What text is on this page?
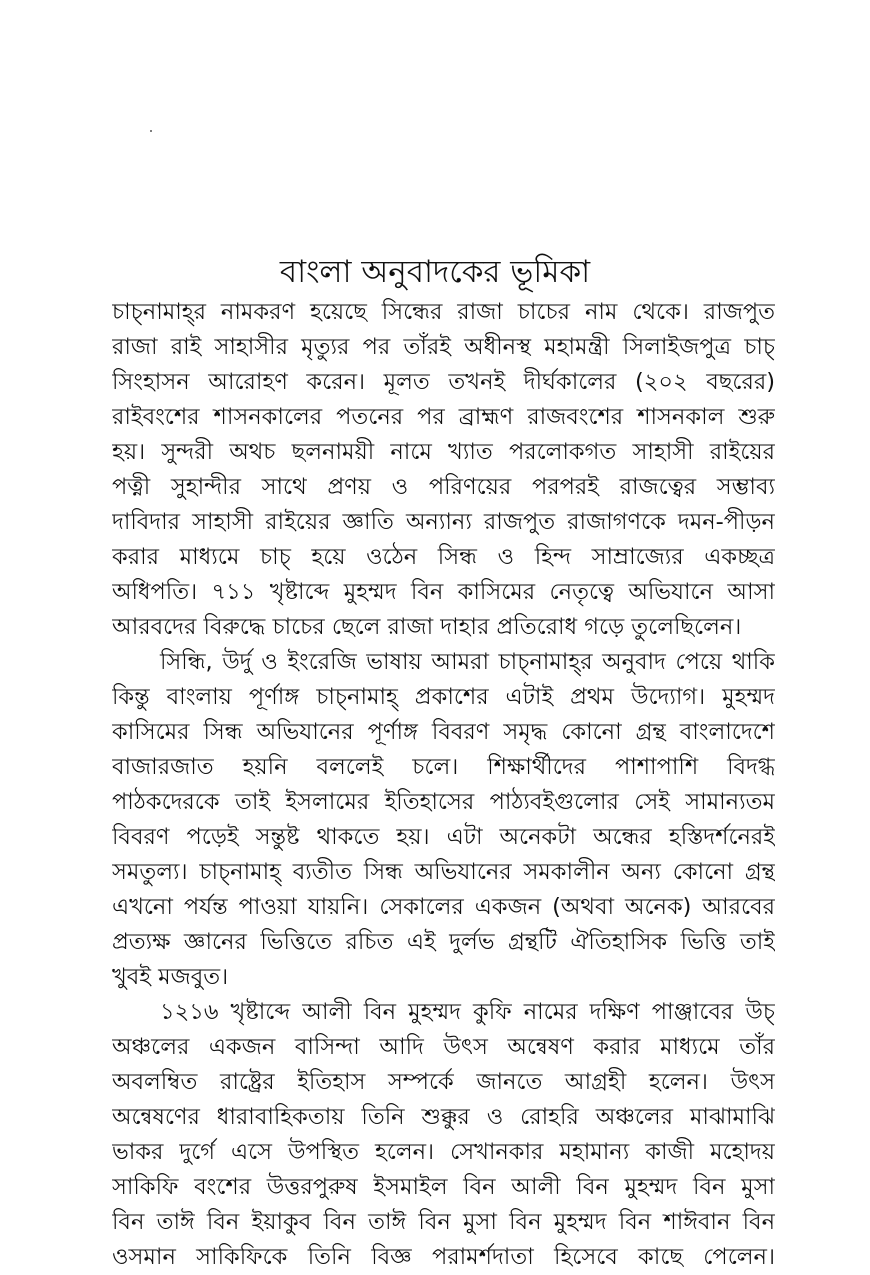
বাংলা অনুবাদকের ভূমিকা
চাচ্‌নামাহ্‌র নামকরণ হয়েছে সিন্ধের রাজা চাচের নাম থেকে। রাজপুত
রাজা রাই সাহাসীর মৃত্যুর পর তাঁরই অধীনস্থ মহামন্ত্রী সিলাইজপুত্র চাচ্‌
সিংহাসন আরোহণ করেন। মূলত তখনই দীর্ঘকালের (২০২ বছরের)
রাইবংশের শাসনকালের পতনের পর ব্রাহ্মণ রাজবংশের শাসনকাল শুরু
হয়। সুন্দরী অথচ ছলনাময়ী নামে খ্যাত পরলোকগত সাহাসী রাইয়ের
পত্নী সুহান্দীর সাথে প্রণয় ও পরিণয়ের পরপরই রাজত্বের সম্ভাব্য
দাবিদার সাহাসী রাইয়ের জ্ঞাতি অন্যান্য রাজপুত রাজাগণকে দমন-পীড়ন
করার মাধ্যমে চাচ্‌ হয়ে ওঠেন সিন্ধ ও হিন্দ সাম্রাজ্যের একচ্ছত্র
অধিপতি। ৭১১ খৃষ্টাব্দে মুহম্মদ বিন কাসিমের নেতৃত্বে অভিযানে আসা
আরবদের বিরুদ্ধে চাচের ছেলে রাজা দাহার প্রতিরোধ গড়ে তুলেছিলেন।
সিন্ধি, উর্দু ও ইংরেজি ভাষায় আমরা চাচ্‌নামাহ্‌র অনুবাদ পেয়ে থাকি
কিন্তু বাংলায় পূর্ণাঙ্গ চাচ্‌নামাহ্‌ প্রকাশের এটাই প্রথম উদ্যোগ। মুহম্মদ
কাসিমের সিন্ধ অভিযানের পূর্ণাঙ্গ বিবরণ সমৃদ্ধ কোনো গ্রন্থ বাংলাদেশে
বাজারজাত হয়নি বললেই চলে। শিক্ষার্থীদের পাশাপাশি বিদগ্ধ
পাঠকদেরকে তাই ইসলামের ইতিহাসের পাঠ্যবইগুলোর সেই সামান্যতম
বিবরণ পড়েই সন্তুষ্ট থাকতে হয়। এটা অনেকটা অন্ধের হস্তিদর্শনেরই
সমতুল্য। চাচ্‌নামাহ্‌ ব্যতীত সিন্ধ অভিযানের সমকালীন অন্য কোনো গ্রন্থ
এখনো পর্যন্ত পাওয়া যায়নি। সেকালের একজন (অথবা অনেক) আরবের
প্রত্যক্ষ জ্ঞানের ভিত্তিতে রচিত এই দুর্লভ গ্রন্থটি ঐতিহাসিক ভিত্তি তাই
খুবই মজবুত।
১২১৬ খৃষ্টাব্দে আলী বিন মুহম্মদ কুফি নামের দক্ষিণ পাঞ্জাবের উচ্‌
অঞ্চলের একজন বাসিন্দা আদি উৎস অন্বেষণ করার মাধ্যমে তাঁর
অবলম্বিত রাষ্ট্রের ইতিহাস সম্পর্কে জানতে আগ্রহী হলেন। উৎস
অন্বেষণের ধারাবাহিকতায় তিনি শুক্কুর ও রোহরি অঞ্চলের মাঝামাঝি
ভাকর দুর্গে এসে উপস্থিত হলেন। সেখানকার মহামান্য কাজী মহোদয়
সাকিফি বংশের উত্তরপুরুষ ইসমাইল বিন আলী বিন মুহম্মদ বিন মুসা
বিন তাঈ বিন ইয়াকুব বিন তাঈ বিন মুসা বিন মুহম্মদ বিন শাঈবান বিন
ওসমান সাকিফিকে তিনি বিজ্ঞ পরামর্শদাতা হিসেবে কাছে পেলেন।
